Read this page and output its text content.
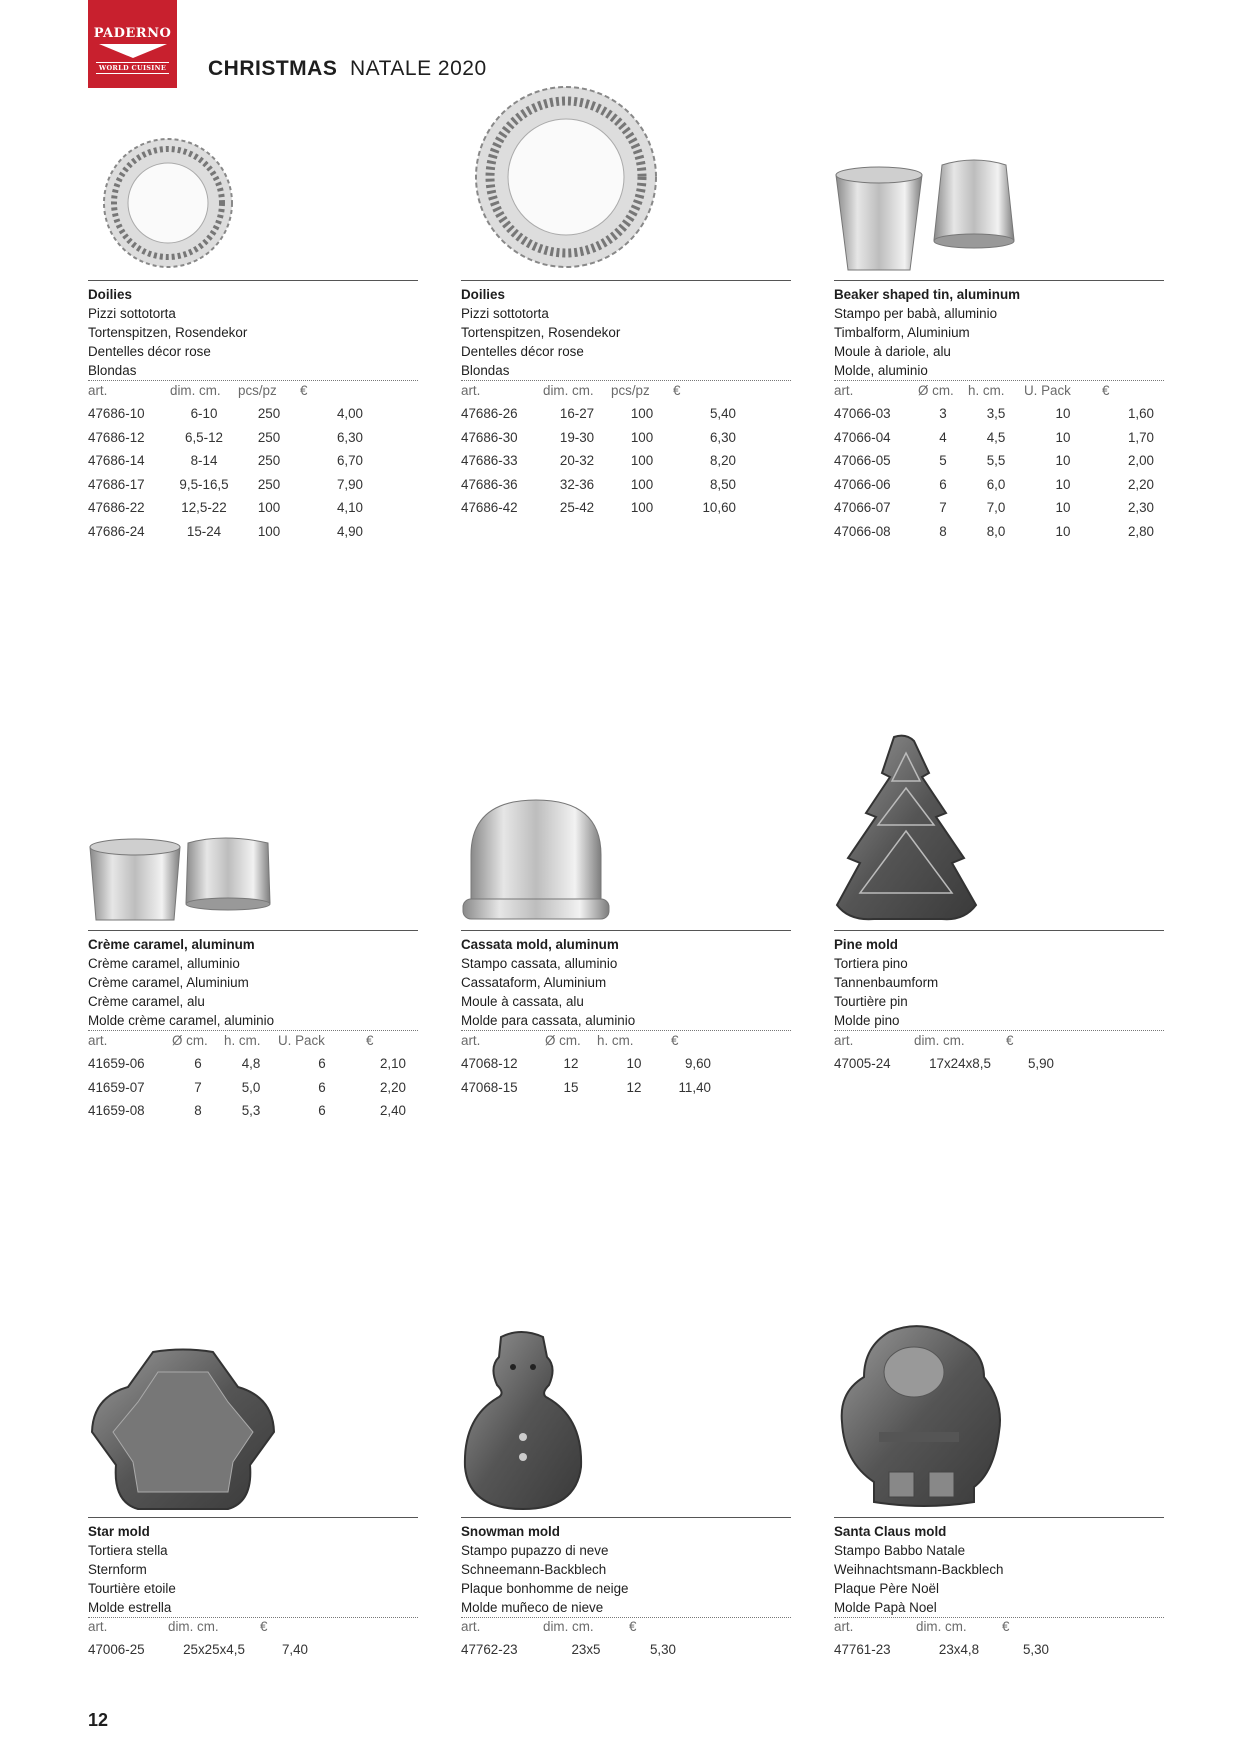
PADERNO
WORLD CUISINE CHRISTMAS NATALE 2020
Doilies
Pizzi sottotorta
Tortenspitzen, Rosendekor
Dentelles décor rose
Blondas
art.	dim. cm.	pcs/pz	€
47686-10	6-10	250	4,00
47686-12	6,5-12	250	6,30
47686-14	8-14	250	6,70
47686-17	9,5-16,5	250	7,90
47686-22	12,5-22	100	4,10
47686-24	15-24	100	4,90
Doilies
Pizzi sottotorta
Tortenspitzen, Rosendekor
Dentelles décor rose
Blondas
art.	dim. cm.	pcs/pz	€
47686-26	16-27	100	5,40
47686-30	19-30	100	6,30
47686-33	20-32	100	8,20
47686-36	32-36	100	8,50
47686-42	25-42	100	10,60
Beaker shaped tin, aluminum
Stampo per babà, alluminio
Timbalform, Aluminium
Moule à dariole, alu
Molde, aluminio
art.	Ø cm.	h. cm.	U. Pack	€
47066-03	3	3,5	10	1,60
47066-04	4	4,5	10	1,70
47066-05	5	5,5	10	2,00
47066-06	6	6,0	10	2,20
47066-07	7	7,0	10	2,30
47066-08	8	8,0	10	2,80
Crème caramel, aluminum
Crème caramel, alluminio
Crème caramel, Aluminium
Crème caramel, alu
Molde crème caramel, aluminio
art.	Ø cm.	h. cm.	U. Pack	€
41659-06	6	4,8	6	2,10
41659-07	7	5,0	6	2,20
41659-08	8	5,3	6	2,40
Cassata mold, aluminum
Stampo cassata, alluminio
Cassataform, Aluminium
Moule à cassata, alu
Molde para cassata, aluminio
art.	Ø cm.	h. cm.	€
47068-12	12	10	9,60
47068-15	15	12	11,40
Pine mold
Tortiera pino
Tannenbaumform
Tourtière pin
Molde pino
art.	dim. cm.	€
47005-24	17x24x8,5	5,90
Star mold
Tortiera stella
Sternform
Tourtière etoile
Molde estrella
art.	dim. cm.	€
47006-25	25x25x4,5	7,40
Snowman mold
Stampo pupazzo di neve
Schneemann-Backblech
Plaque bonhomme de neige
Molde muñeco de nieve
art.	dim. cm.	€
47762-23	23x5	5,30
Santa Claus mold
Stampo Babbo Natale
Weihnachtsmann-Backblech
Plaque Père Noël
Molde Papà Noel
art.	dim. cm.	€
47761-23	23x4,8	5,30
12
